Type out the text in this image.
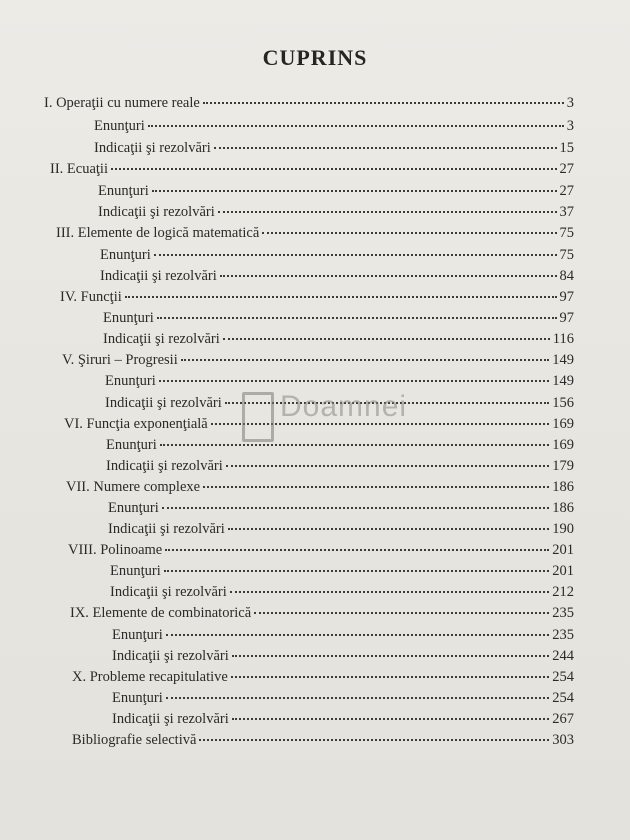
CUPRINS
I. Operaţii cu numere reale	3
Enunţuri	3
Indicaţii şi rezolvări	15
II. Ecuaţii	27
Enunţuri	27
Indicaţii şi rezolvări	37
III. Elemente de logică matematică	75
Enunţuri	75
Indicaţii şi rezolvări	84
IV. Funcţii	97
Enunţuri	97
Indicaţii şi rezolvări	116
V. Şiruri – Progresii	149
Enunţuri	149
Indicaţii şi rezolvări	156
VI. Funcţia exponenţială	169
Enunţuri	169
Indicaţii şi rezolvări	179
VII. Numere complexe	186
Enunţuri	186
Indicaţii şi rezolvări	190
VIII. Polinoame	201
Enunţuri	201
Indicaţii şi rezolvări	212
IX. Elemente de combinatorică	235
Enunţuri	235
Indicaţii şi rezolvări	244
X. Probleme recapitulative	254
Enunţuri	254
Indicaţii şi rezolvări	267
Bibliografie selectivă	303
Doamnei
